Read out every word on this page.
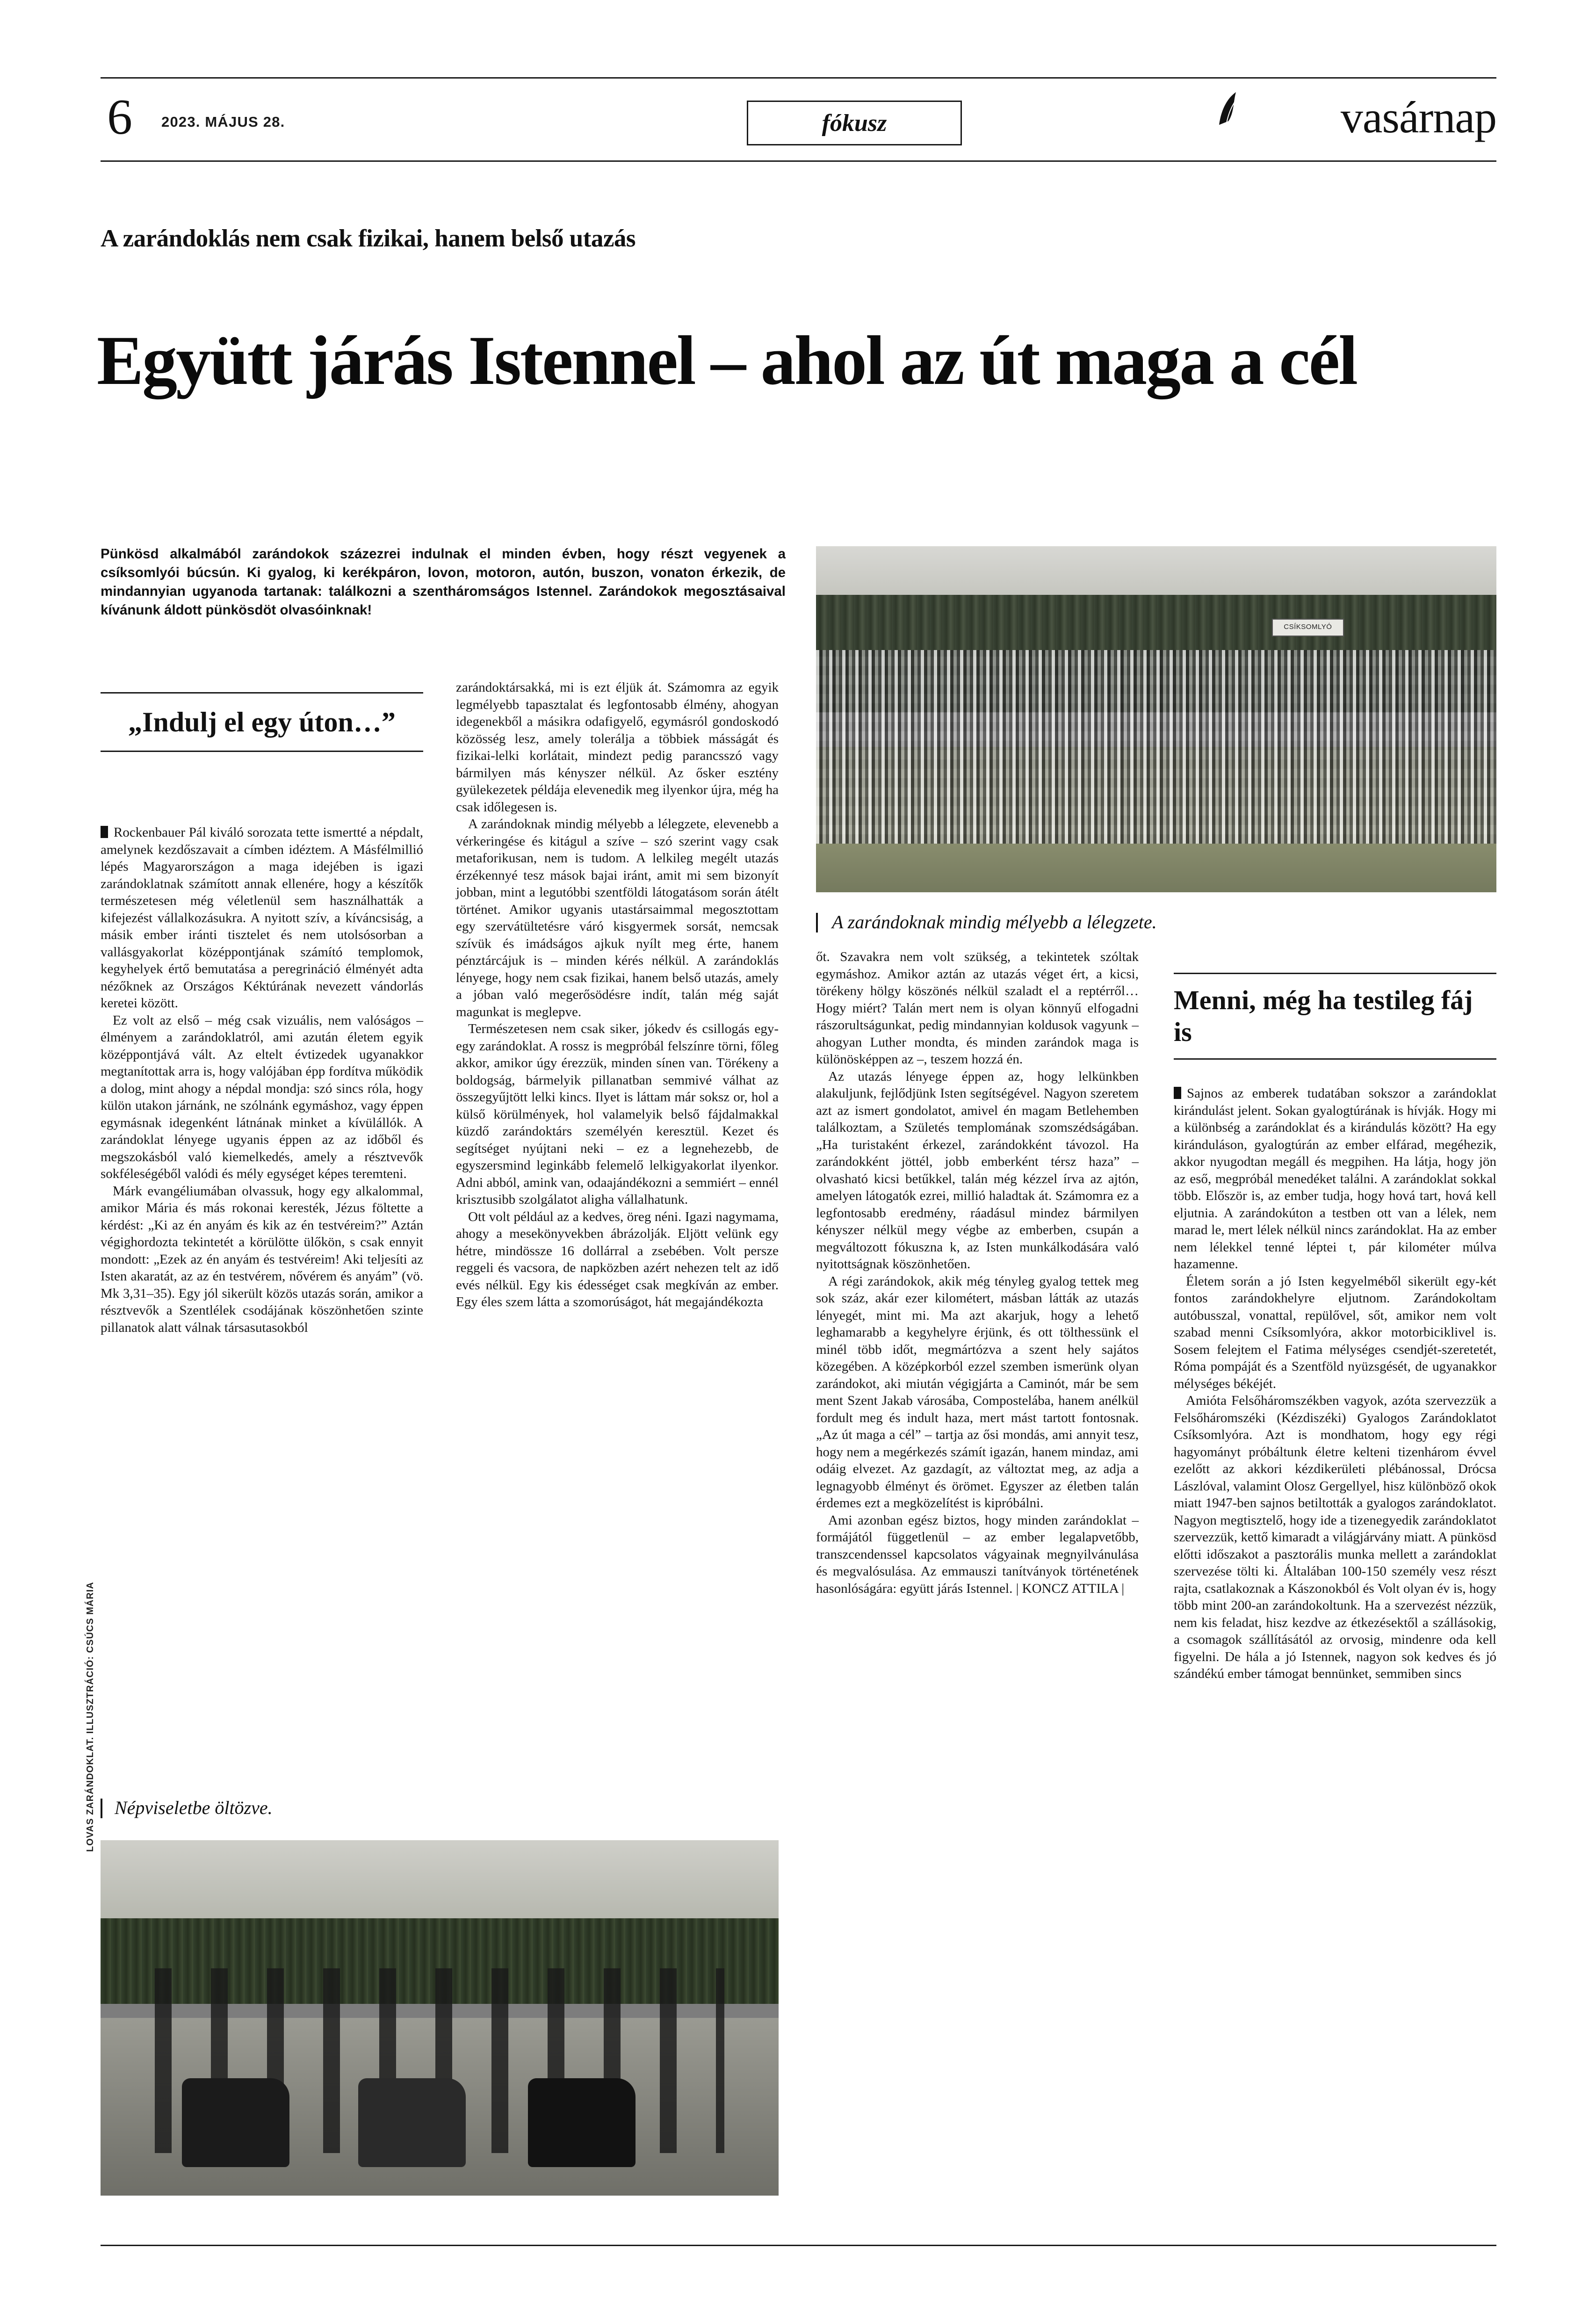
6 2023. MÁJUS 28.	fókusz	vasárnap
A zarándoklás nem csak fizikai, hanem belső utazás
Együtt járás Istennel – ahol az út maga a cél
Pünkösd alkalmából zarándokok százezrei indulnak el minden évben, hogy részt vegyenek a csíksomlyói búcsún. Ki gyalog, ki kerékpáron, lovon, motoron, autón, buszon, vonaton érkezik, de mindannyian ugyanoda tartanak: találkozni a szentháromságos Istennel. Zarándokok megosztásaival kívánunk áldott pünkösdöt olvasóinknak!
„Indulj el egy úton…”

Rockenbauer Pál kiváló sorozata tette ismertté a népdalt, amelynek kezdőszavait a címben idéztem. A Másfélmillió lépés Magyarországon a maga idejében is igazi zarándoklatnak számított annak ellenére, hogy a készítők természetesen még véletlenül sem használhatták a kifejezést vállalkozásukra. A nyitott szív, a kíváncsiság, a másik ember iránti tisztelet és nem utolsósorban a vallásgyakorlat középpontjának számító templomok, kegyhelyek értő bemutatása a peregrináció élményét adta nézőknek az Országos Kéktúrának nevezett vándorlás keretei között.

Ez volt az első – még csak vizuális, nem valóságos – élményem a zarándoklatról, ami azután életem egyik középpontjává vált. Az eltelt évtizedek ugyanakkor megtanítottak arra is, hogy valójában épp fordítva működik a dolog, mint ahogy a népdal mondja: szó sincs róla, hogy külön utakon járnánk, ne szólnánk egymáshoz, vagy éppen egymásnak idegenként látnának minket a kívülállók. A zarándoklat lényege ugyanis éppen az az időből és megszokásból való kiemelkedés, amely a résztvevők sokféleségéből valódi és mély egységet képes teremteni.

Márk evangéliumában olvassuk, hogy egy alkalommal, amikor Mária és más rokonai keresték, Jézus föltette a kérdést: „Ki az én anyám és kik az én testvéreim?” Aztán végighordozta tekintetét a körülötte ülőkön, s csak ennyit mondott: „Ezek az én anyám és testvéreim! Aki teljesíti az Isten akaratát, az az én testvérem, nővérem és anyám” (vö. Mk 3,31–35). Egy jól sikerült közös utazás során, amikor a résztvevők a Szentlélek csodájának köszönhetően szinte pillanatok alatt válnak társasutasokból

zarándoktársakká, mi is ezt éljük át. Számomra az egyik legmélyebb tapasztalat és legfontosabb élmény, ahogyan idegenekből a másikra odafigyelő, egymásról gondoskodó közösség lesz, amely tolerálja a többiek másságát és fizikai-lelki korlátait, mindezt pedig parancsszó vagy bármilyen más kényszer nélkül. Az ősker esztény gyülekezetek példája elevenedik meg ilyenkor újra, még ha csak időlegesen is.

A zarándoknak mindig mélyebb a lélegzete, elevenebb a vérkeringése és kitágul a szíve – szó szerint vagy csak metaforikusan, nem is tudom. A lelkileg megélt utazás érzékennyé tesz mások bajai iránt, amit mi sem bizonyít jobban, mint a legutóbbi szentföldi látogatásom során átélt történet. Amikor ugyanis utastársaimmal megosztottam egy szervátültetésre váró kisgyermek sorsát, nemcsak szívük és imádságos ajkuk nyílt meg érte, hanem pénztárcájuk is – minden kérés nélkül. A zarándoklás lényege, hogy nem csak fizikai, hanem belső utazás, amely a jóban való megerősödésre indít, talán még saját magunkat is meglepve.

Természetesen nem csak siker, jókedv és csillogás egy-egy zarándoklat. A rossz is megpróbál felszínre törni, főleg akkor, amikor úgy érezzük, minden sínen van. Törékeny a boldogság, bármelyik pillanatban semmivé válhat az összegyűjtött lelki kincs. Ilyet is láttam már soksz or, hol a külső körülmények, hol valamelyik belső fájdalmakkal küzdő zarándoktárs személyén keresztül. Kezet és segítséget nyújtani neki – ez a legnehezebb, de egyszersmind leginkább felemelő lelkigyakorlat ilyenkor. Adni abból, amink van, odaajándékozni a semmiért – ennél krisztusibb szolgálatot aligha vállalhatunk.

Ott volt például az a kedves, öreg néni. Igazi nagymama, ahogy a mesekönyvekben ábrázolják. Eljött velünk egy hétre, mindössze 16 dollárral a zsebében. Volt persze reggeli és vacsora, de napközben azért nehezen telt az idő evés nélkül. Egy kis édességet csak megkíván az ember. Egy éles szem látta a szomorúságot, hát megajándékozta

CSÍKSOMLYÓ
A zarándoknak mindig mélyebb a lélegzete.

őt. Szavakra nem volt szükség, a tekintetek szóltak egymáshoz. Amikor aztán az utazás véget ért, a kicsi, törékeny hölgy köszönés nélkül szaladt el a reptérről… Hogy miért? Talán mert nem is olyan könnyű elfogadni rászorultságunkat, pedig mindannyian koldusok vagyunk – ahogyan Luther mondta, és minden zarándok maga is különösképpen az –, teszem hozzá én.

Az utazás lényege éppen az, hogy lelkünkben alakuljunk, fejlődjünk Isten segítségével. Nagyon szeretem azt az ismert gondolatot, amivel én magam Betlehemben találkoztam, a Születés templomának szomszédságában. „Ha turistaként érkezel, zarándokként távozol. Ha zarándokként jöttél, jobb emberként térsz haza” – olvasható kicsi betűkkel, talán még kézzel írva az ajtón, amelyen látogatók ezrei, millió haladtak át. Számomra ez a legfontosabb eredmény, ráadásul mindez bármilyen kényszer nélkül megy végbe az emberben, csupán a megváltozott fókuszna k, az Isten munkálkodására való nyitottságnak köszönhetően.

A régi zarándokok, akik még tényleg gyalog tettek meg sok száz, akár ezer kilométert, másban látták az utazás lényegét, mint mi. Ma azt akarjuk, hogy a lehető leghamarabb a kegyhelyre érjünk, és ott tölthessünk el minél több időt, megmártózva a szent hely sajátos közegében. A középkorból ezzel szemben ismerünk olyan zarándokot, aki miután végigjárta a Caminót, már be sem ment Szent Jakab városába, Compostelába, hanem anélkül fordult meg és indult haza, mert mást tartott fontosnak. „Az út maga a cél” – tartja az ősi mondás, ami annyit tesz, hogy nem a megérkezés számít igazán, hanem mindaz, ami odáig elvezet. Az gazdagít, az változtat meg, az adja a legnagyobb élményt és örömet. Egyszer az életben talán érdemes ezt a megközelítést is kipróbálni.

Ami azonban egész biztos, hogy minden zarándoklat – formájától függetlenül – az ember legalapvetőbb, transzcendenssel kapcsolatos vágyainak megnyilvánulása és megvalósulása. Az emmauszi tanítványok történetének hasonlóságára: együtt járás Istennel. | KONCZ ATTILA |

Menni, még ha testileg fáj is

Sajnos az emberek tudatában sokszor a zarándoklat kirándulást jelent. Sokan gyalogtúrának is hívják. Hogy mi a különbség a zarándoklat és a kirándulás között? Ha egy kiránduláson, gyalogtúrán az ember elfárad, megéhezik, akkor nyugodtan megáll és megpihen. Ha látja, hogy jön az eső, megpróbál menedéket találni. A zarándoklat sokkal több. Először is, az ember tudja, hogy hová tart, hová kell eljutnia. A zarándokúton a testben ott van a lélek, nem marad le, mert lélek nélkül nincs zarándoklat. Ha az ember nem lélekkel tenné léptei t, pár kilométer múlva hazamenne.

Életem során a jó Isten kegyelméből sikerült egy-két fontos zarándokhelyre eljutnom. Zarándokoltam autóbusszal, vonattal, repülővel, sőt, amikor nem volt szabad menni Csíksomlyóra, akkor motorbiciklivel is. Sosem felejtem el Fatima mélységes csendjét-szeretetét, Róma pompáját és a Szentföld nyüzsgését, de ugyanakkor mélységes békéjét.

Amióta Felsőháromszékben vagyok, azóta szervezzük a Felsőháromszéki (Kézdiszéki) Gyalogos Zarándoklatot Csíksomlyóra. Azt is mondhatom, hogy egy régi hagyományt próbáltunk életre kelteni tizenhárom évvel ezelőtt az akkori kézdikerületi plébánossal, Drócsa Lászlóval, valamint Olosz Gergellyel, hisz különböző okok miatt 1947-ben sajnos betiltották a gyalogos zarándoklatot. Nagyon megtisztelő, hogy ide a tizenegyedik zarándoklatot szervezzük, kettő kimaradt a világjárvány miatt. A pünkösd előtti időszakot a pasztorális munka mellett a zarándoklat szervezése tölti ki. Általában 100-150 személy vesz részt rajta, csatlakoznak a Kászonokból és Volt olyan év is, hogy több mint 200-an zarándokoltunk. Ha a szervezést nézzük, nem kis feladat, hisz kezdve az étkezésektől a szállásokig, a csomagok szállításától az orvosig, mindenre oda kell figyelni. De hála a jó Istennek, nagyon sok kedves és jó szándékú ember támogat bennünket, semmiben sincs

Népviseletbe öltözve.
LOVAS ZARÁNDOKLAT. ILLUSZTRÁCIÓ: CSÚCS MÁRIA
